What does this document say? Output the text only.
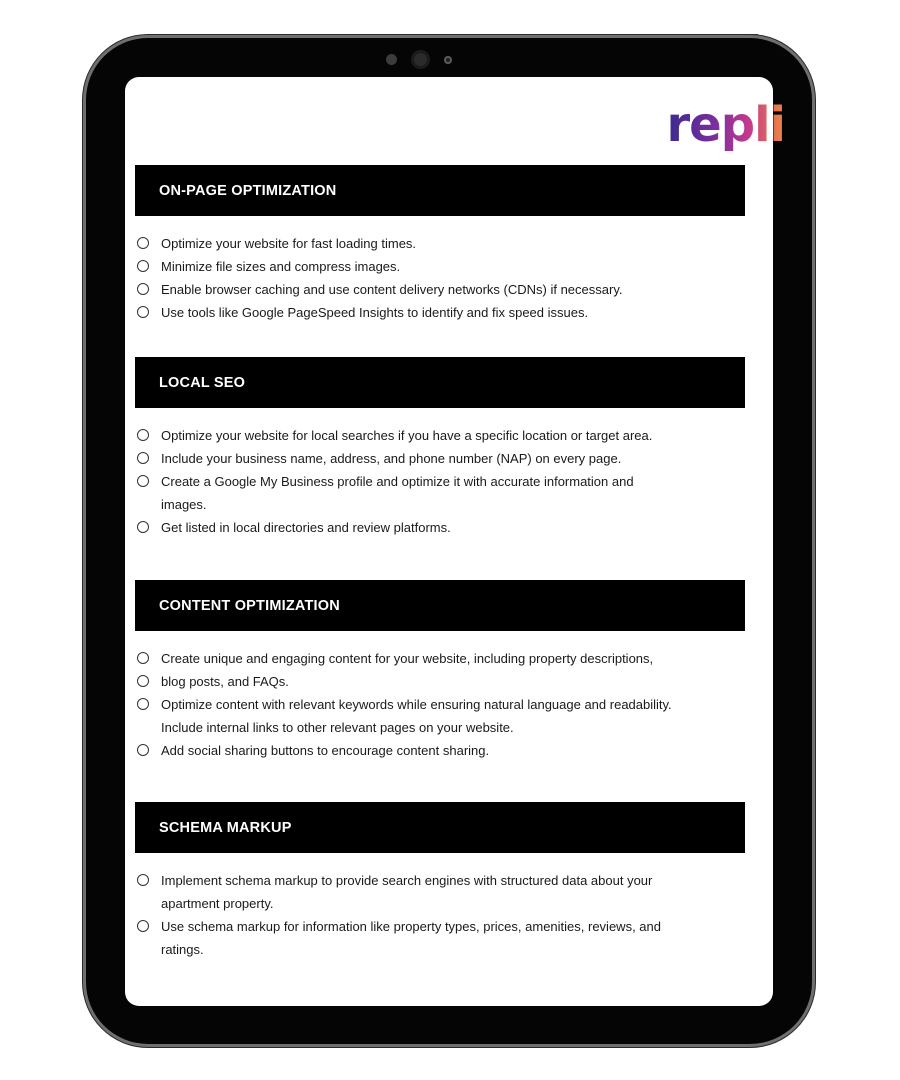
repli
ON-PAGE OPTIMIZATION
Optimize your website for fast loading times.
Minimize file sizes and compress images.
Enable browser caching and use content delivery networks (CDNs) if necessary.
Use tools like Google PageSpeed Insights to identify and fix speed issues.
LOCAL SEO
Optimize your website for local searches if you have a specific location or target area.
Include your business name, address, and phone number (NAP) on every page.
Create a Google My Business profile and optimize it with accurate information and
images.
Get listed in local directories and review platforms.
CONTENT OPTIMIZATION
Create unique and engaging content for your website, including property descriptions,
blog posts, and FAQs.
Optimize content with relevant keywords while ensuring natural language and readability.
Include internal links to other relevant pages on your website.
Add social sharing buttons to encourage content sharing.
SCHEMA MARKUP
Implement schema markup to provide search engines with structured data about your
apartment property.
Use schema markup for information like property types, prices, amenities, reviews, and
ratings.
